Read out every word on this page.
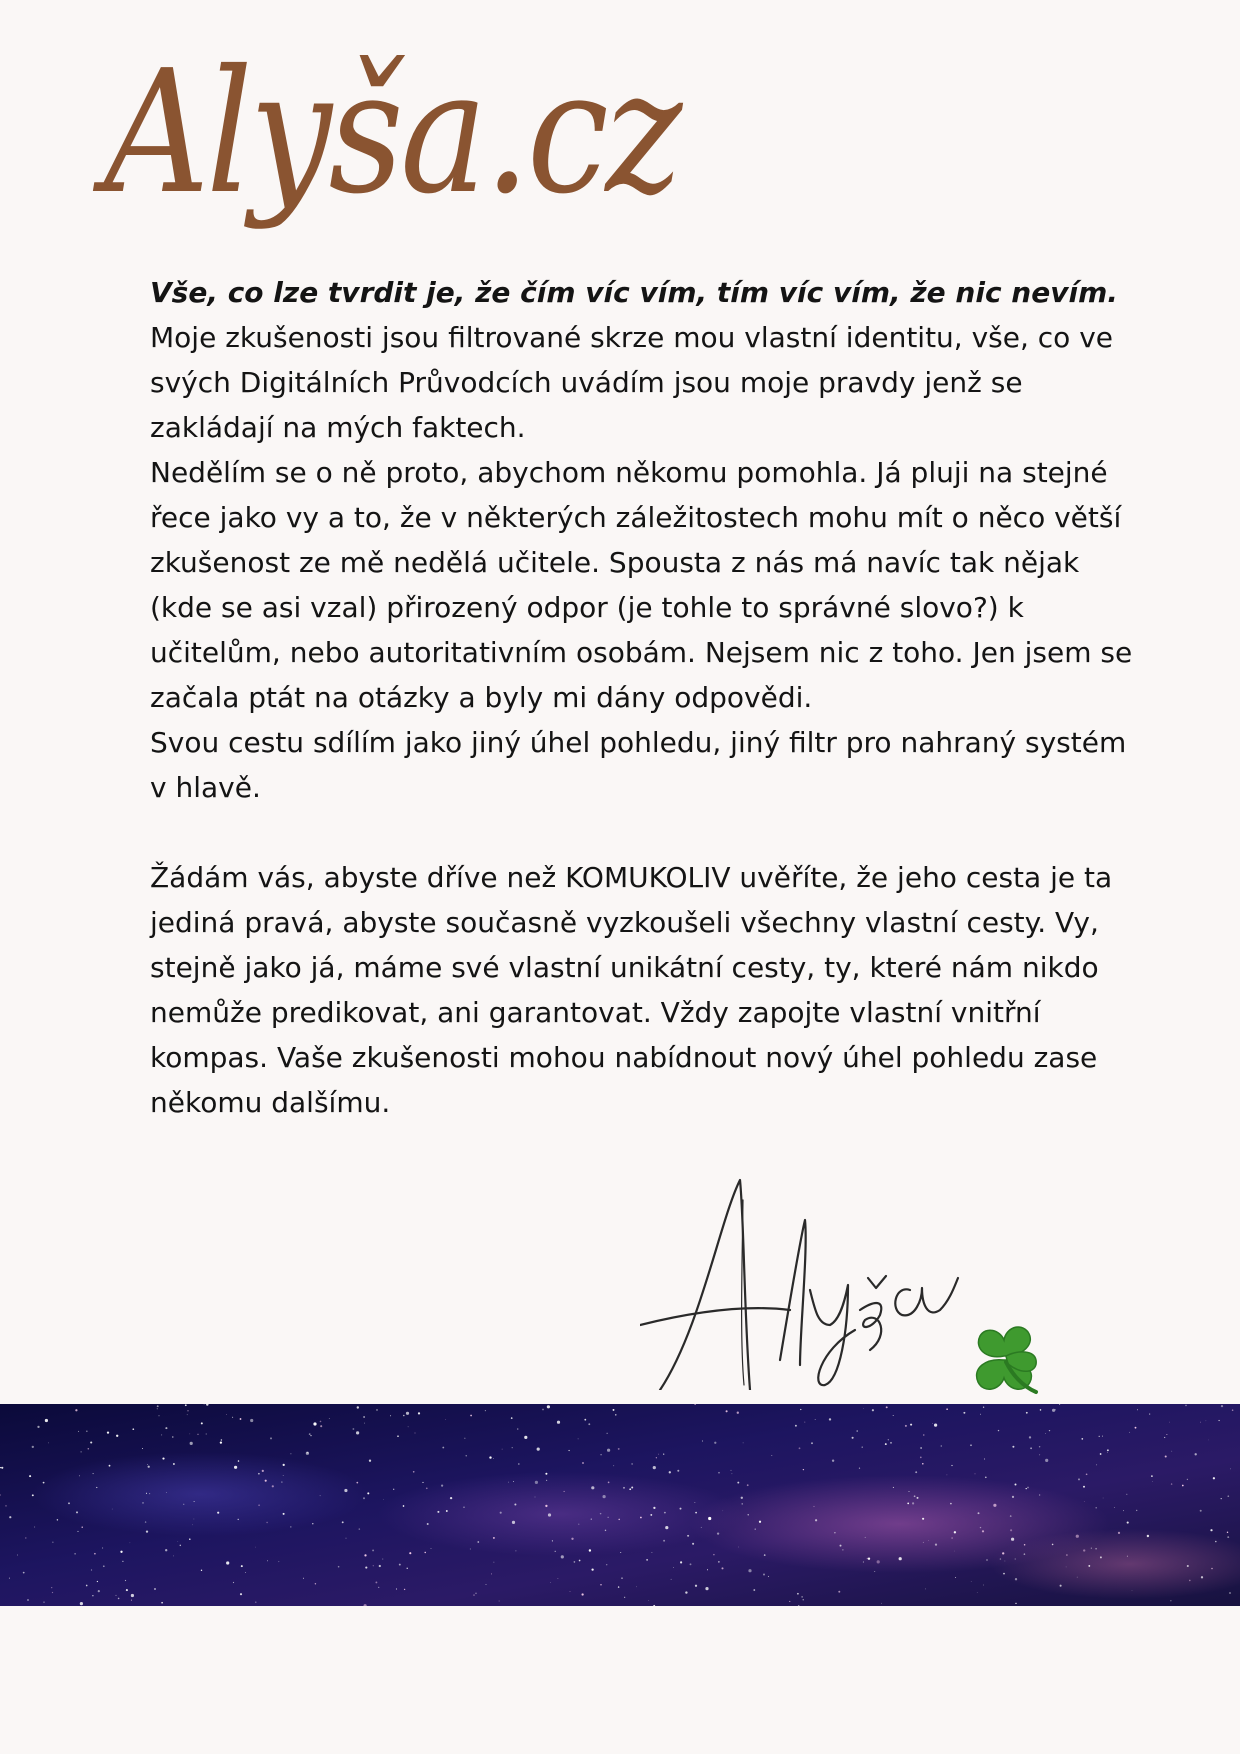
Alyša.cz
Vše, co lze tvrdit je, že čím víc vím, tím víc vím, že nic nevím.

Moje zkušenosti jsou filtrované skrze mou vlastní identitu, vše, co ve svých Digitálních Průvodcích uvádím jsou moje pravdy jenž se zakládají na mých faktech.

Nedělím se o ně proto, abychom někomu pomohla. Já pluji na stejné řece jako vy a to, že v některých záležitostech mohu mít o něco větší zkušenost ze mě nedělá učitele. Spousta z nás má navíc tak nějak (kde se asi vzal) přirozený odpor (je tohle to správné slovo?) k učitelům, nebo autoritativním osobám. Nejsem nic z toho. Jen jsem se začala ptát na otázky a byly mi dány odpovědi.

Svou cestu sdílím jako jiný úhel pohledu, jiný filtr pro nahraný systém v hlavě.

Žádám vás, abyste dříve než KOMUKOLIV uvěříte, že jeho cesta je ta jediná pravá, abyste současně vyzkoušeli všechny vlastní cesty. Vy, stejně jako já, máme své vlastní unikátní cesty, ty, které nám nikdo nemůže predikovat, ani garantovat. Vždy zapojte vlastní vnitřní kompas. Vaše zkušenosti mohou nabídnout nový úhel pohledu zase někomu dalšímu.
